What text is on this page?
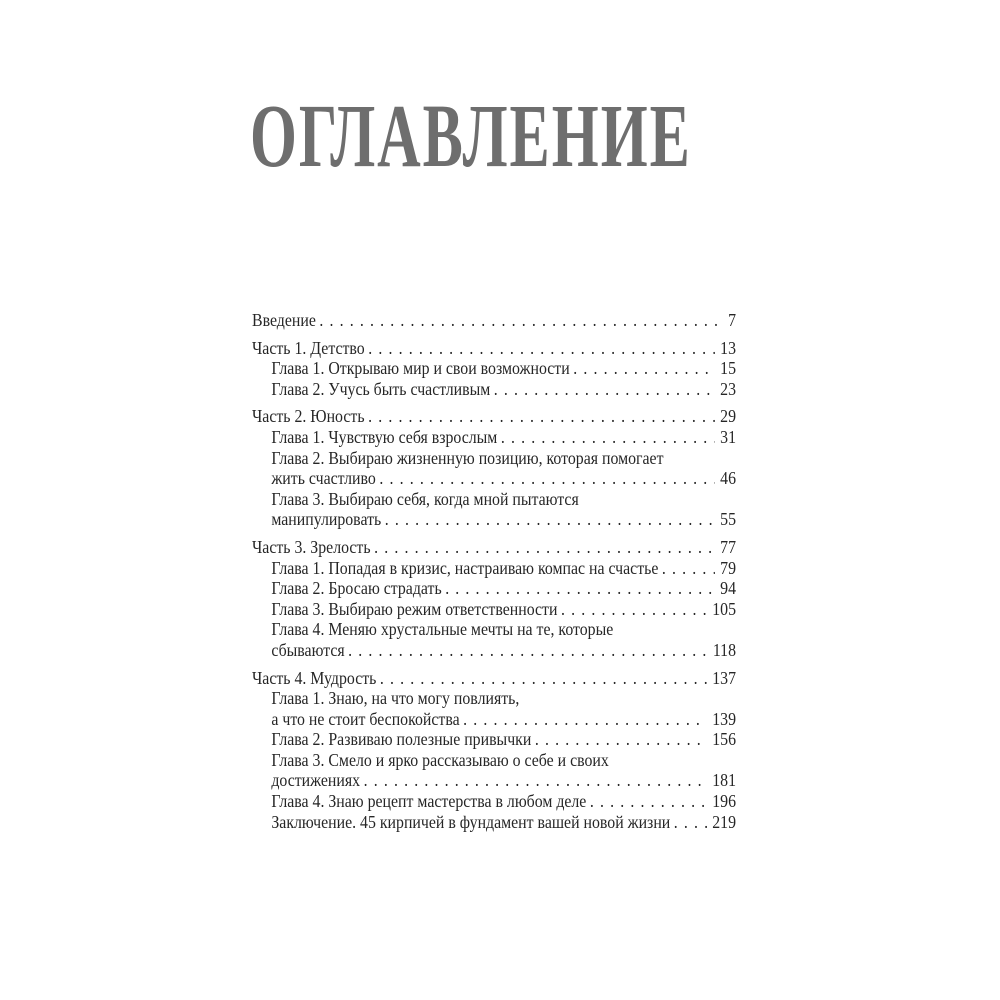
ОГЛАВЛЕНИЕ
Введение .....	7
Часть 1. Детство .....	13
Глава 1. Открываю мир и свои возможности .....	15
Глава 2. Учусь быть счастливым .....	23
Часть 2. Юность .....	29
Глава 1. Чувствую себя взрослым .....	31
Глава 2. Выбираю жизненную позицию, которая помогает
жить счастливо .....	46
Глава 3. Выбираю себя, когда мной пытаются
манипулировать .....	55
Часть 3. Зрелость .....	77
Глава 1. Попадая в кризис, настраиваю компас на счастье .....	79
Глава 2. Бросаю страдать .....	94
Глава 3. Выбираю режим ответственности .....	105
Глава 4. Меняю хрустальные мечты на те, которые
сбываются .....	118
Часть 4. Мудрость .....	137
Глава 1. Знаю, на что могу повлиять,
а что не стоит беспокойства .....	139
Глава 2. Развиваю полезные привычки .....	156
Глава 3. Смело и ярко рассказываю о себе и своих
достижениях .....	181
Глава 4. Знаю рецепт мастерства в любом деле .....	196
Заключение. 45 кирпичей в фундамент вашей новой жизни ..... 219
